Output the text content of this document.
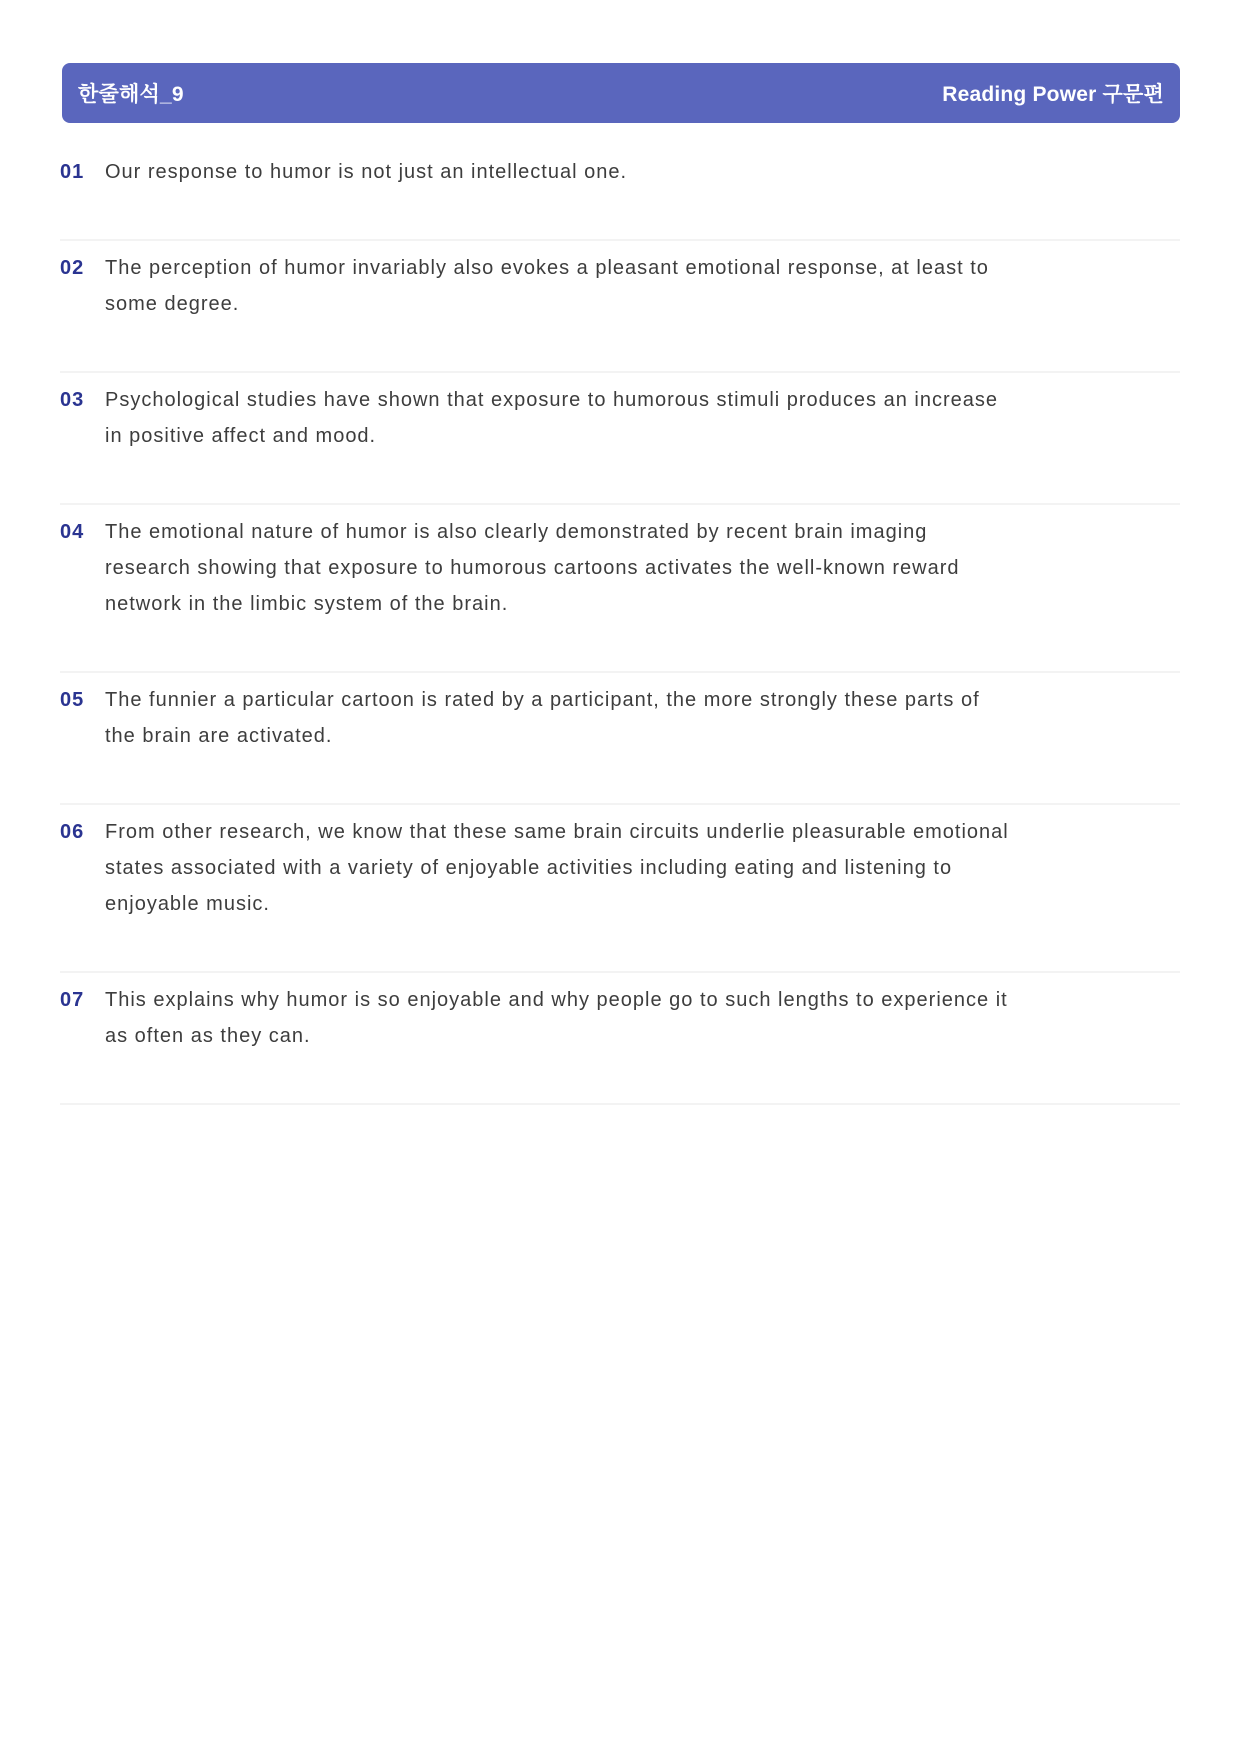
한줄해석_9	Reading Power 구문편
01	Our response to humor is not just an intellectual one.
02	The perception of humor invariably also evokes a pleasant emotional response, at least to
some degree.
03	Psychological studies have shown that exposure to humorous stimuli produces an increase
in positive affect and mood.
04	The emotional nature of humor is also clearly demonstrated by recent brain imaging
research showing that exposure to humorous cartoons activates the well-known reward
network in the limbic system of the brain.
05	The funnier a particular cartoon is rated by a participant, the more strongly these parts of
the brain are activated.
06	From other research, we know that these same brain circuits underlie pleasurable emotional
states associated with a variety of enjoyable activities including eating and listening to
enjoyable music.
07	This explains why humor is so enjoyable and why people go to such lengths to experience it
as often as they can.
